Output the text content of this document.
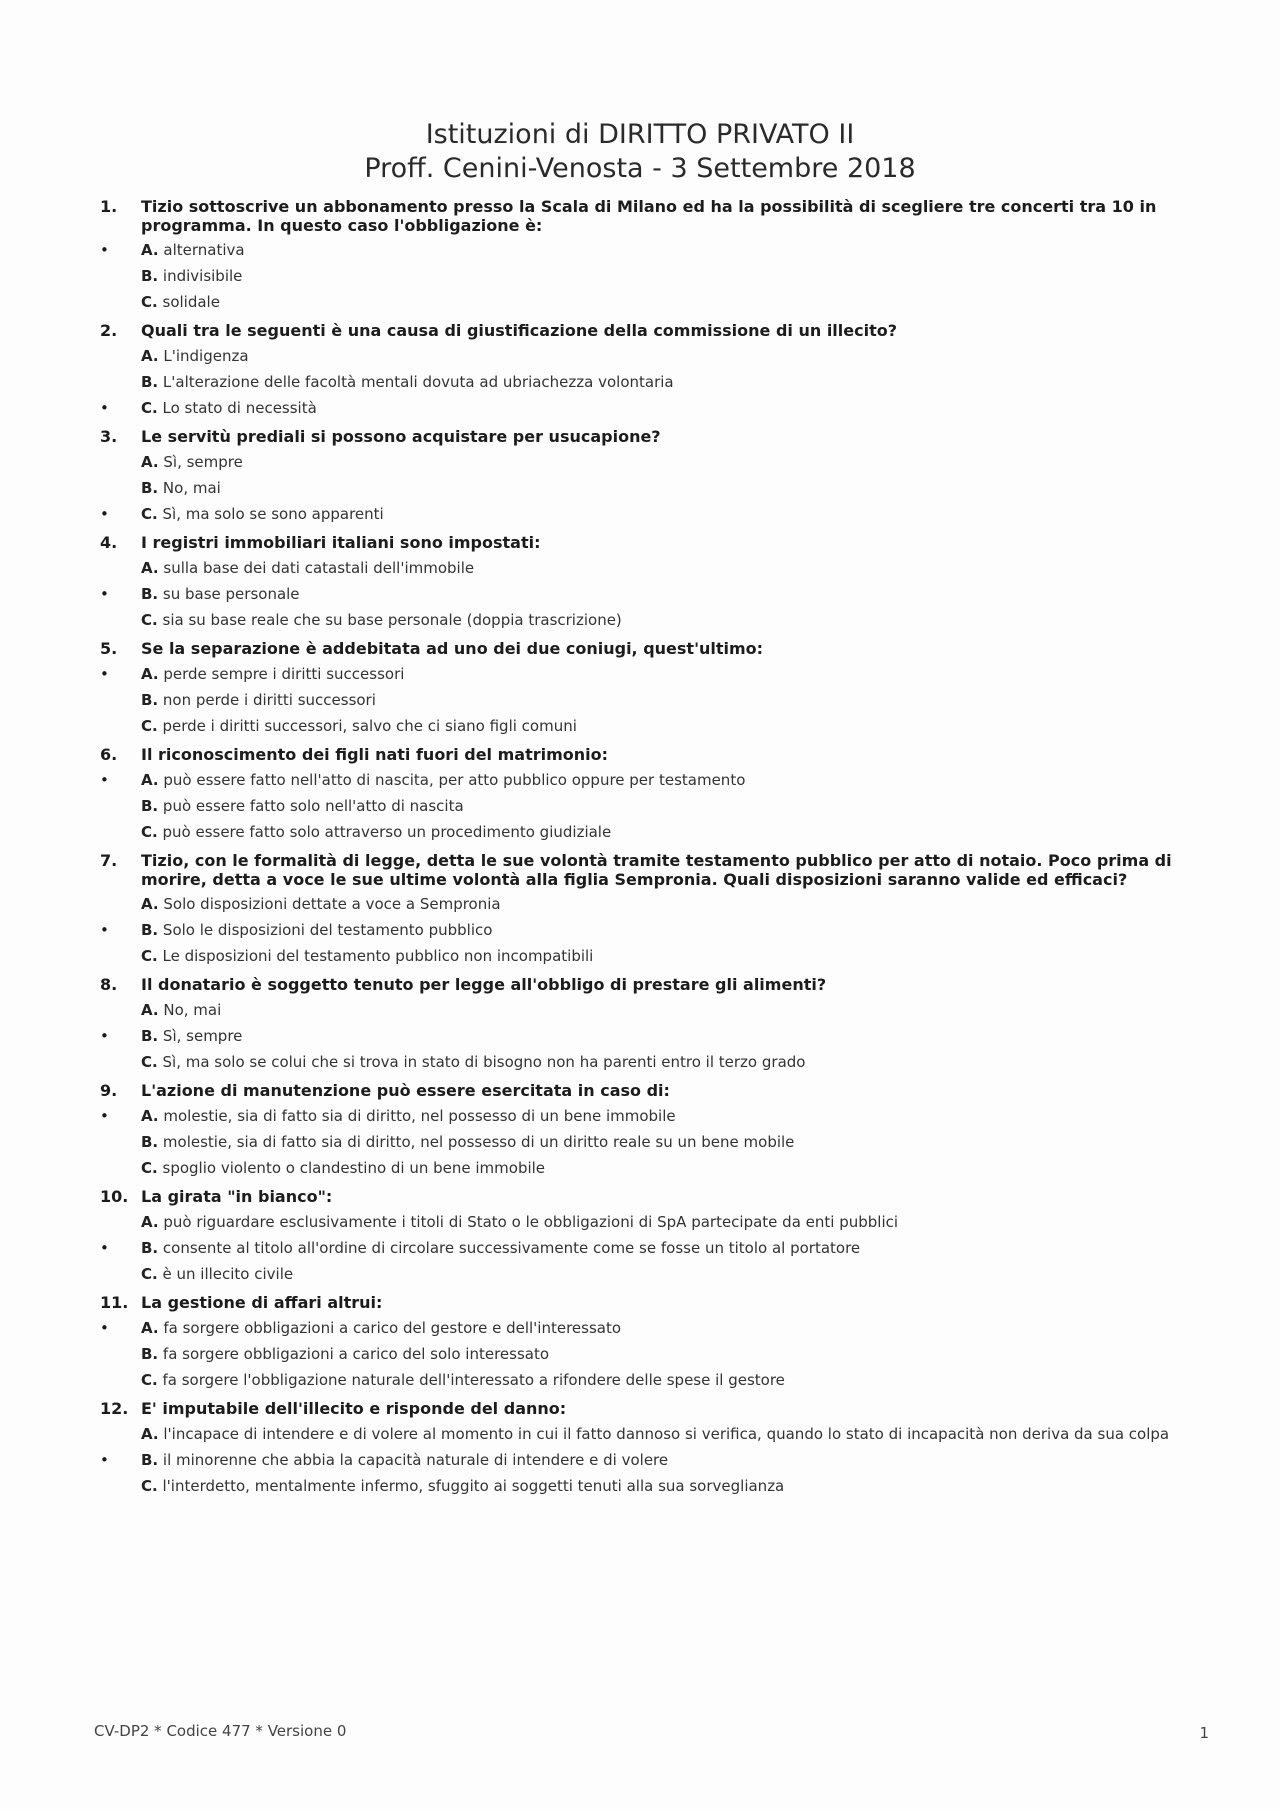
Istituzioni di DIRITTO PRIVATO II

Proff. Cenini-Venosta - 3 Settembre 2018

1.	Tizio sottoscrive un abbonamento presso la Scala di Milano ed ha la possibilità di scegliere tre concerti tra 10 in programma. In questo caso l'obbligazione è:
• A. alternativa
B. indivisibile
C. solidale
2.	Quali tra le seguenti è una causa di giustificazione della commissione di un illecito?
A. L'indigenza
B. L'alterazione delle facoltà mentali dovuta ad ubriachezza volontaria
• C. Lo stato di necessità
3.	Le servitù prediali si possono acquistare per usucapione?
A. Sì, sempre
B. No, mai
• C. Sì, ma solo se sono apparenti
4.	I registri immobiliari italiani sono impostati:
A. sulla base dei dati catastali dell'immobile
• B. su base personale
C. sia su base reale che su base personale (doppia trascrizione)
5.	Se la separazione è addebitata ad uno dei due coniugi, quest'ultimo:
• A. perde sempre i diritti successori
B. non perde i diritti successori
C. perde i diritti successori, salvo che ci siano figli comuni
6.	Il riconoscimento dei figli nati fuori del matrimonio:
• A. può essere fatto nell'atto di nascita, per atto pubblico oppure per testamento
B. può essere fatto solo nell'atto di nascita
C. può essere fatto solo attraverso un procedimento giudiziale
7.	Tizio, con le formalità di legge, detta le sue volontà tramite testamento pubblico per atto di notaio. Poco prima di morire, detta a voce le sue ultime volontà alla figlia Sempronia. Quali disposizioni saranno valide ed efficaci?
A. Solo disposizioni dettate a voce a Sempronia
• B. Solo le disposizioni del testamento pubblico
C. Le disposizioni del testamento pubblico non incompatibili
8.	Il donatario è soggetto tenuto per legge all'obbligo di prestare gli alimenti?
A. No, mai
• B. Sì, sempre
C. Sì, ma solo se colui che si trova in stato di bisogno non ha parenti entro il terzo grado
9.	L'azione di manutenzione può essere esercitata in caso di:
• A. molestie, sia di fatto sia di diritto, nel possesso di un bene immobile
B. molestie, sia di fatto sia di diritto, nel possesso di un diritto reale su un bene mobile
C. spoglio violento o clandestino di un bene immobile
10. La girata "in bianco":
A. può riguardare esclusivamente i titoli di Stato o le obbligazioni di SpA partecipate da enti pubblici
• B. consente al titolo all'ordine di circolare successivamente come se fosse un titolo al portatore
C. è un illecito civile
11. La gestione di affari altrui:
• A. fa sorgere obbligazioni a carico del gestore e dell'interessato
B. fa sorgere obbligazioni a carico del solo interessato
C. fa sorgere l'obbligazione naturale dell'interessato a rifondere delle spese il gestore
12. E' imputabile dell'illecito e risponde del danno:
A. l'incapace di intendere e di volere al momento in cui il fatto dannoso si verifica, quando lo stato di incapacità non deriva da sua colpa
• B. il minorenne che abbia la capacità naturale di intendere e di volere
C. l'interdetto, mentalmente infermo, sfuggito ai soggetti tenuti alla sua sorveglianza
CV-DP2 * Codice 477 * Versione 0	1
